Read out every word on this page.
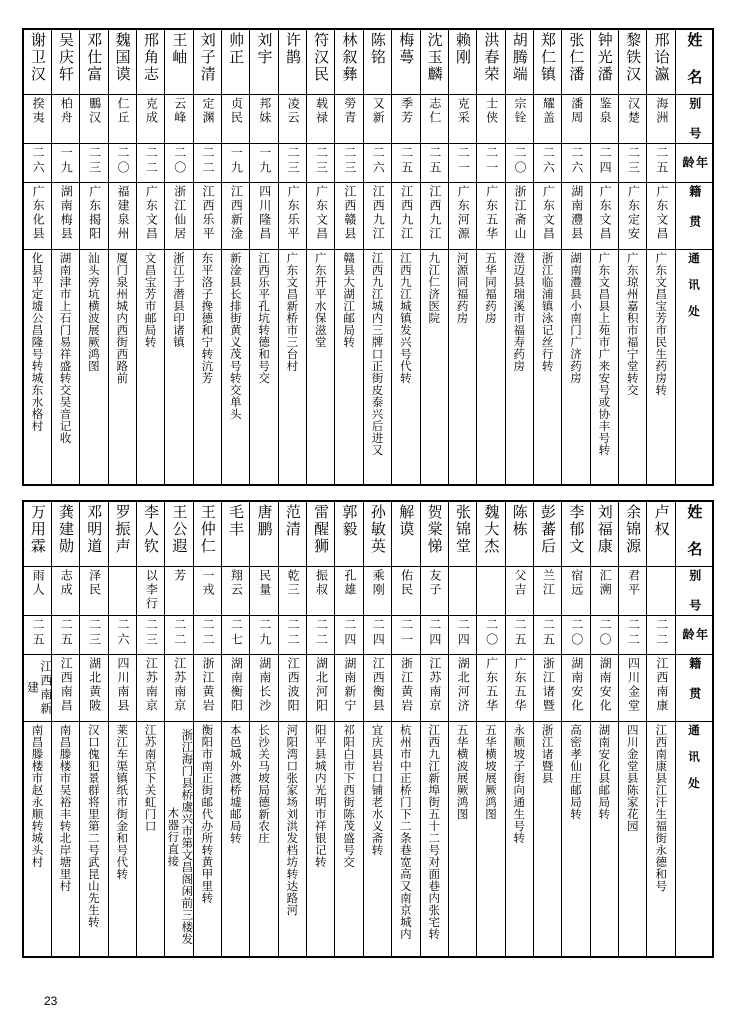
谢卫汉	吴庆轩	邓仕富	魏国谟	邢角志	王岫	刘子清	帅正	刘宇	许鹊	符汉民	林叙彝	陈铭	梅蕚	沈玉麟	赖刚	洪春荣	胡腾端	郑仁镇	张仁潘	钟光潘	黎铁汉	邢诒瀛	姓 名

揆夷	柏舟	鵬汉	仁丘	克成	云峰	定渊	贞民	邦妹	凌云	载禄	勞青	又新	季芳	志仁	克采	士侠	宗铨	耀盖	潘周	鉴泉	汉楚	海洲	别 号

二六	一九	二三	二〇	二二	二〇	二二	一九	一九	二三	二三	二三	二六	二五	二五	二一	二一	二〇	二六	二六	二四	二三	二五	年 龄

广东化县	湖南梅县	广东揭阳	福建泉州	广东文昌	浙江仙居	江西乐平	江西新淦	四川隆昌	广东乐平	广东文昌	江西赣县	江西九江	江西九江	江西九江	广东河源	广东五华	浙江斋山	广东文昌	湖南灃县	广东文昌	广东定安	广东文昌	籍 贯

化县平定墟公昌隆号转城东水格村	湖南津市上石门易祥盛转交吴音记收	汕头旁坑横波展厥鸿图	厦门泉州城内西街西路前	文昌宝芳市邮局转	浙江于潜县印诸镇	东平洛子搀德和宁转沆芳	新淦县长排街黄义茂号转交单头	江西乐平孔坑转德和号交	广东文昌新桥市三台村	广东开平水保滋堂	赣县大湖江邮局转	江西九江城内三牌口正街皮泰兴后进又	江西九江城镇发兴号代转	九江仁济医院	河源同福药房	五华同福药房	澄迈县瑞溪市福寿药房	浙江临浦镇泳记丝行转	湖南灃县小南门广济药房	广东文昌县上苑市广来安号或协丰号转	广东琼州嘉积市福宁堂转交	广东文昌宝芳市民生药房转	通 讯 处
万用霖	龚建勋	邓明道	罗振声	李人钦	王公遐	王仲仁	毛丰	唐鹏	范清	雷醒狮	郭毅	孙敏英	解谟	贺棠悌	张锦堂	魏大杰	陈栋	彭蕃后	李郁文	刘福康	余锦源	卢权	姓 名

雨人	志成	泽民		以李行	芳	一戎	翔云	民量	乾三	振叔	孔雄	乘刚	佑民	友子			父吉	兰江	宿远	汇溯	君平		别 号

二五	二五	二三	二六	二三	二二	二二	二七	二九	二二	二二	二四	二四	二一	二四	二四	二〇	二五	二五	二〇	二〇	二二	二二	年 龄

江西南新建	江西南昌	湖北黄陂	四川南县	江苏南京	江苏南京	浙江黄岩	湖南衡阳	湖南长沙	江西波阳	湖北河阳	湖南新宁	江西衡县	浙江黄岩	江苏南京	湖北河济	广东五华	广东五华	浙江诸暨	湖南安化	湖南安化	四川金堂	江西南康	籍 贯

南昌滕楼市赵永顺转城头村	南昌滕楼市吴裕丰转北岸塘里村	汉口傀犯景群将里第二号武昆山先生转	莱江车渠镇纸市街金和号代转	江苏南京下关虹门口	浙江海门县桥虞兴市第文昌阁闲前三楼发木器行直接	衡阳市南正街邮代办所转黄甲里转	本邑城外渡桥墟邮局转	长沙关马坡局德新农庄	河阳湾口张家场刘洪发档坊转达路河	阳平县城内光明市祥银记转	祁阳白市下西街陈茂盛号交	宜庆县岩口铺老水义斋转	杭州市中正桥门下二条巷宽高又南京城内	江西九江新埠街五十二号对面巷内张宅转	五华横波展厥鸿图	五华横坡展厥鸿图	永顺坡子街向通生号转	浙江诸暨县	高密孝仙庄邮局转	湖南安化县邮局转	四川金堂县陈家花园	江西南康县江汗生福街永德和号	通 讯 处
23
